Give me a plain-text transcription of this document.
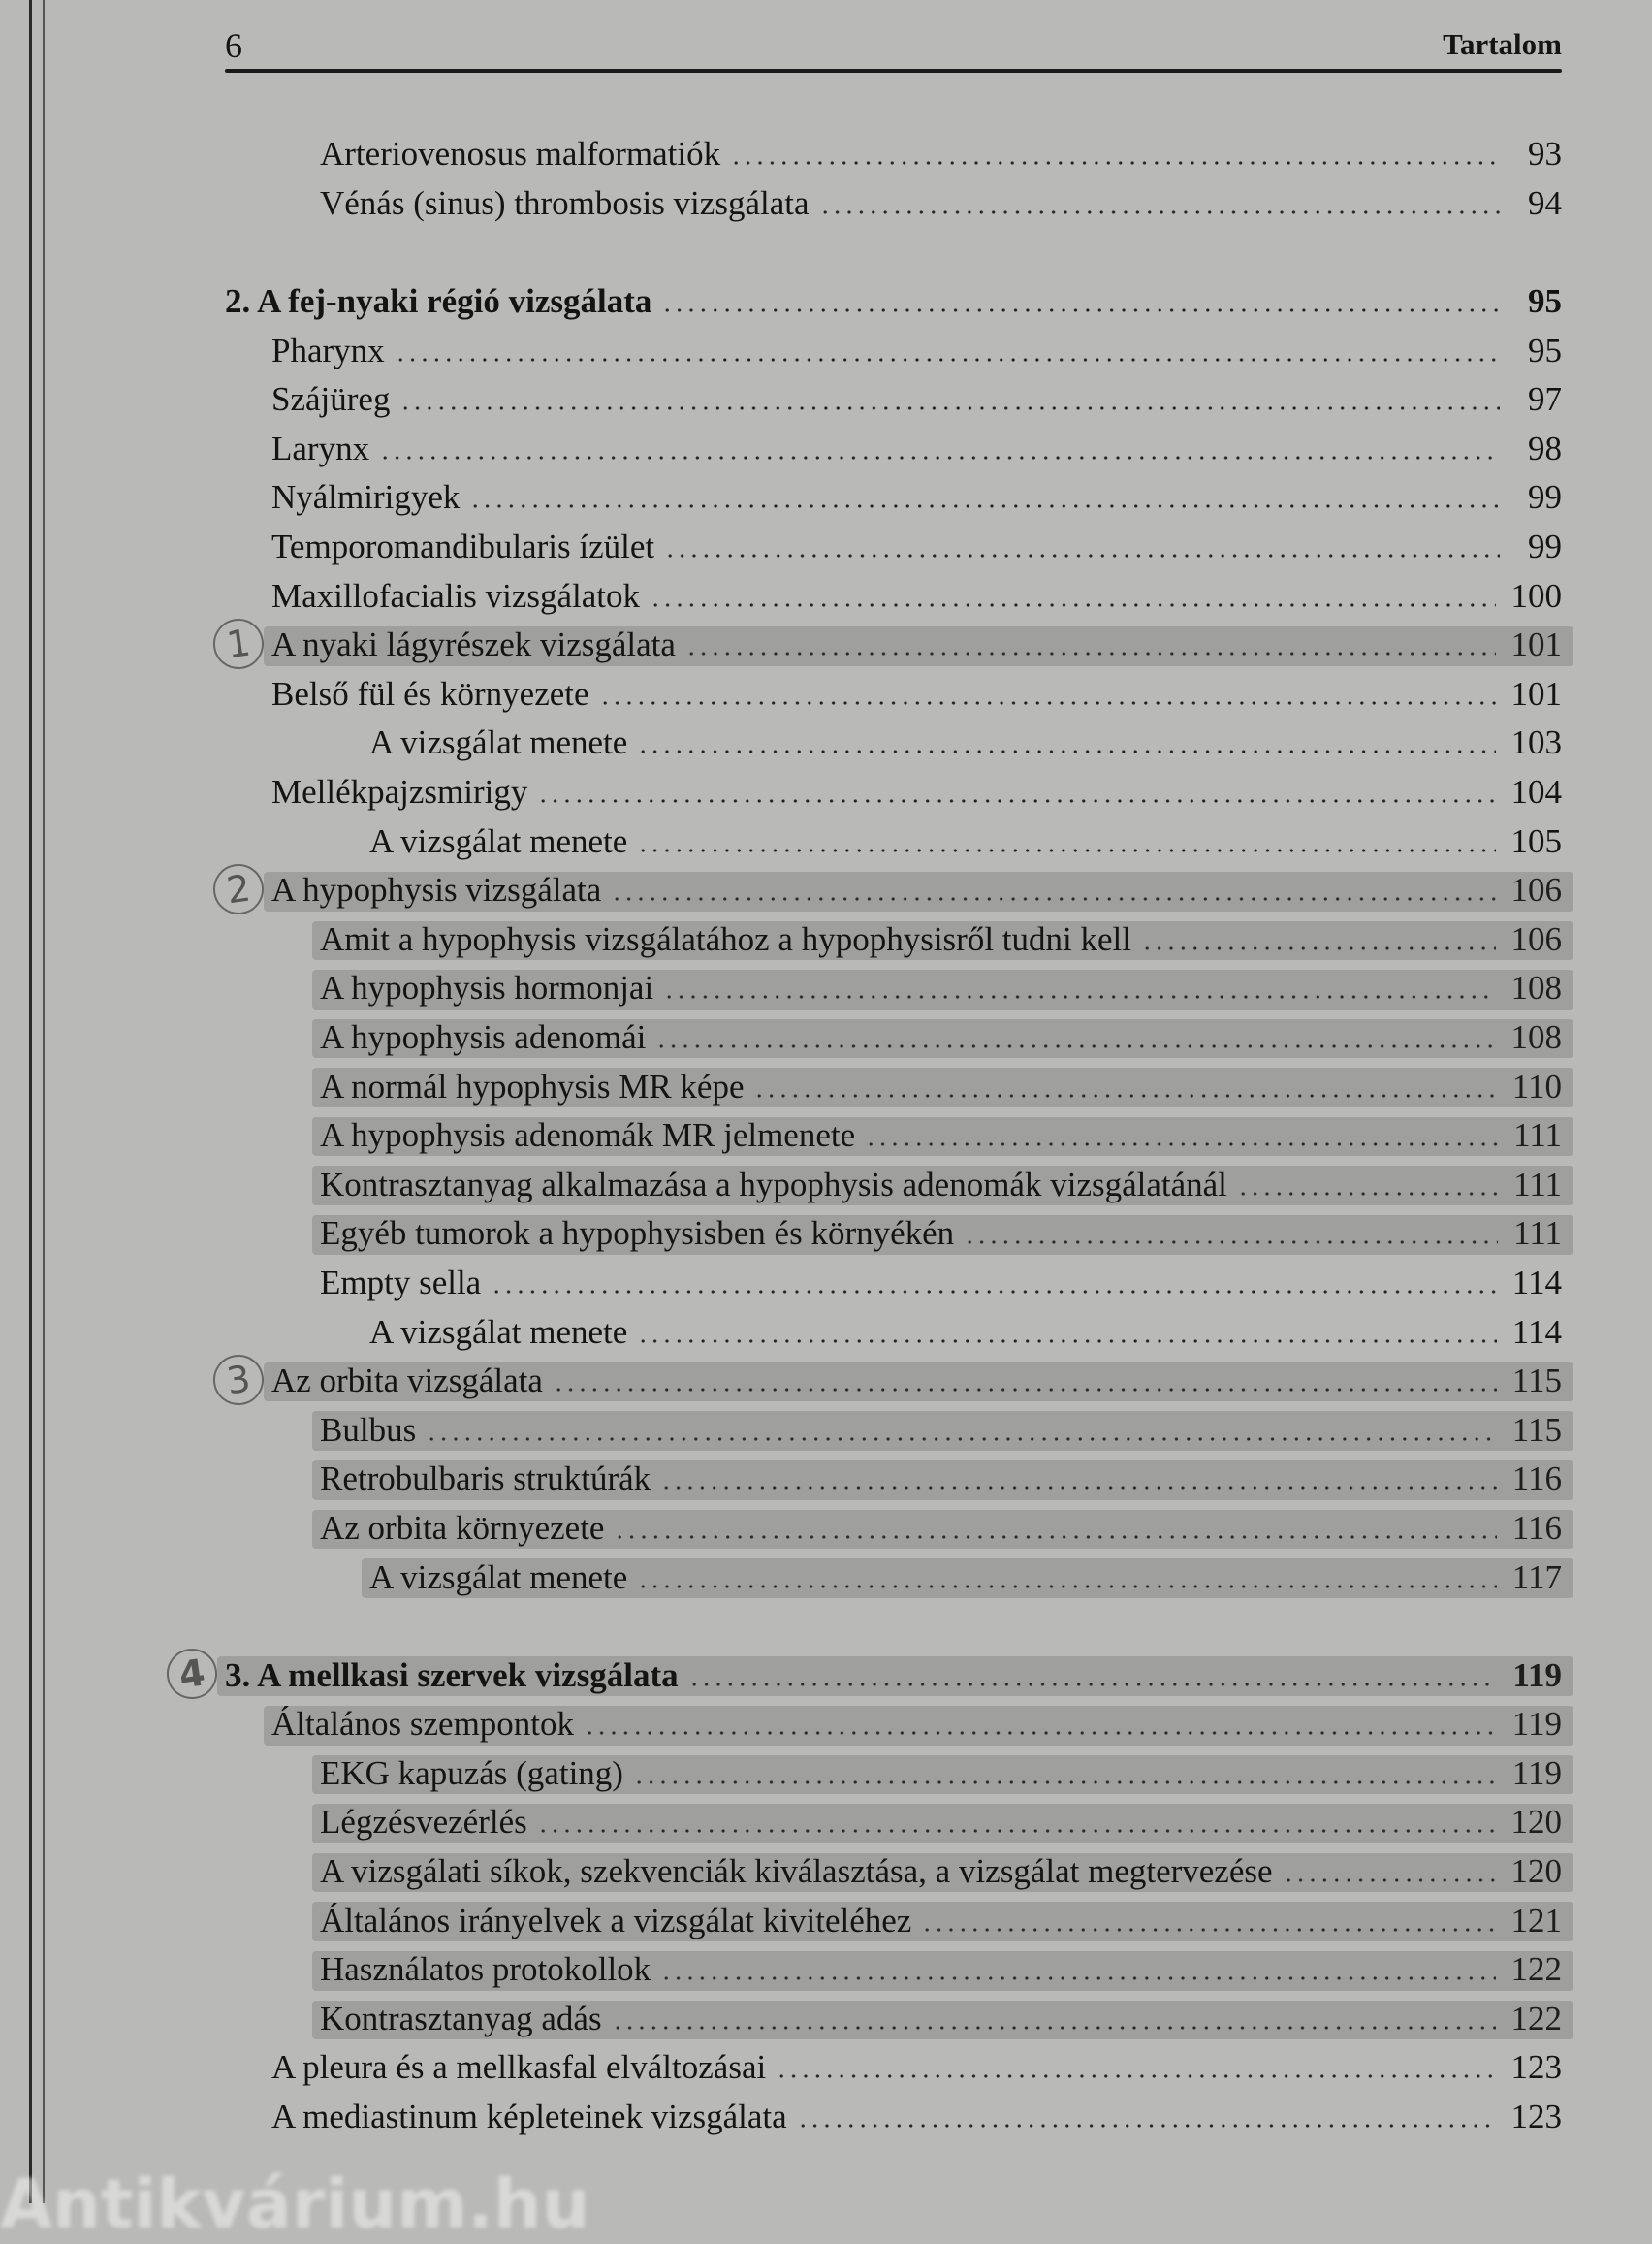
6	Tartalom
Arteriovenosus malformatiók	93
Vénás (sinus) thrombosis vizsgálata	94
2. A fej-nyaki régió vizsgálata	95
Pharynx	95
Szájüreg	97
Larynx	98
Nyálmirigyek	99
Temporomandibularis ízület	99
Maxillofacialis vizsgálatok	100
1 A nyaki lágyrészek vizsgálata	101
Belső fül és környezete	101
A vizsgálat menete	103
Mellékpajzsmirigy	104
A vizsgálat menete	105
2 A hypophysis vizsgálata	106
Amit a hypophysis vizsgálatához a hypophysisről tudni kell	106
A hypophysis hormonjai	108
A hypophysis adenomái	108
A normál hypophysis MR képe	110
A hypophysis adenomák MR jelmenete	111
Kontrasztanyag alkalmazása a hypophysis adenomák vizsgálatánál	111
Egyéb tumorok a hypophysisben és környékén	111
Empty sella	114
A vizsgálat menete	114
3 Az orbita vizsgálata	115
Bulbus	115
Retrobulbaris struktúrák	116
Az orbita környezete	116
A vizsgálat menete	117
4 3. A mellkasi szervek vizsgálata	119
Általános szempontok	119
EKG kapuzás (gating)	119
Légzésvezérlés	120
A vizsgálati síkok, szekvenciák kiválasztása, a vizsgálat megtervezése	120
Általános irányelvek a vizsgálat kiviteléhez	121
Használatos protokollok	122
Kontrasztanyag adás	122
A pleura és a mellkasfal elváltozásai	123
A mediastinum képleteinek vizsgálata	123
Antikvárium.hu
